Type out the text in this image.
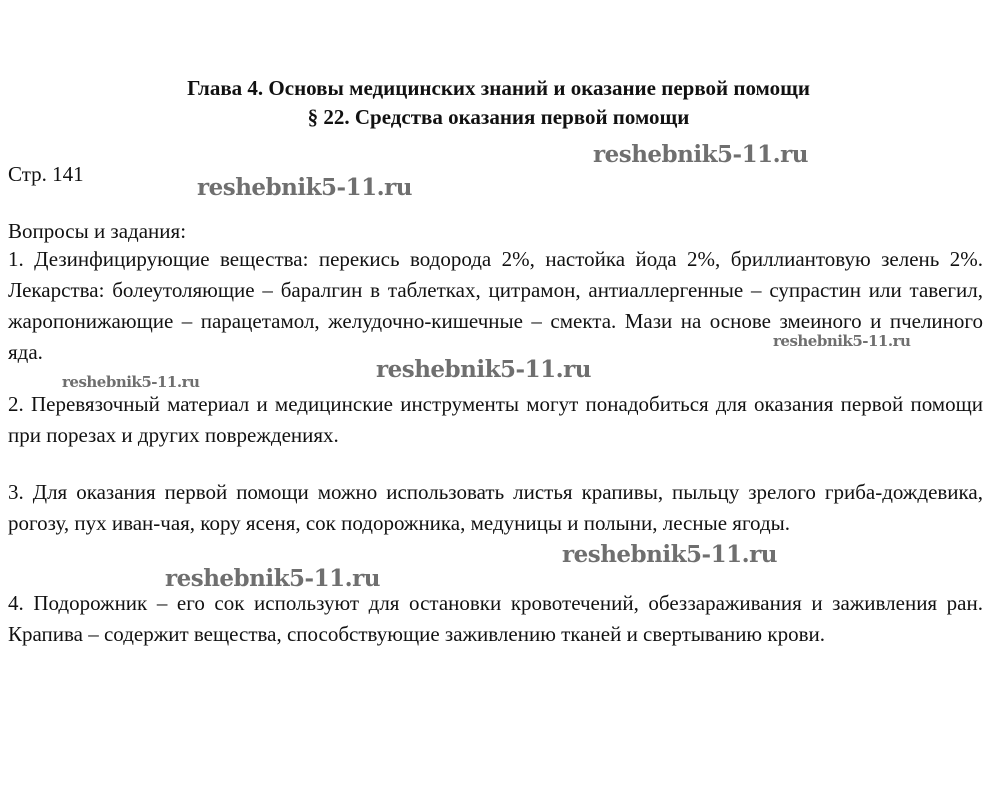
Глава 4. Основы медицинских знаний и оказание первой помощи
§ 22. Средства оказания первой помощи
Стр. 141
Вопросы и задания:
1. Дезинфицирующие вещества: перекись водорода 2%, настойка йода 2%, бриллиантовую зелень 2%. Лекарства: болеутоляющие – баралгин в таблетках, цитрамон, антиаллергенные – супрастин или тавегил, жаропонижающие – парацетамол, желудочно-кишечные – смекта. Мази на основе змеиного и пчелиного яда.
2. Перевязочный материал и медицинские инструменты могут понадобиться для оказания первой помощи при порезах и других повреждениях.
3. Для оказания первой помощи можно использовать листья крапивы, пыльцу зрелого гриба-дождевика, рогозу, пух иван-чая, кору ясеня, сок подорожника, медуницы и полыни, лесные ягоды.
4. Подорожник – его сок используют для остановки кровотечений, обеззараживания и заживления ран. Крапива – содержит вещества, способствующие заживлению тканей и свертыванию крови.
reshebnik5-11.ru
reshebnik5-11.ru
reshebnik5-11.ru
reshebnik5-11.ru
reshebnik5-11.ru
reshebnik5-11.ru
reshebnik5-11.ru
